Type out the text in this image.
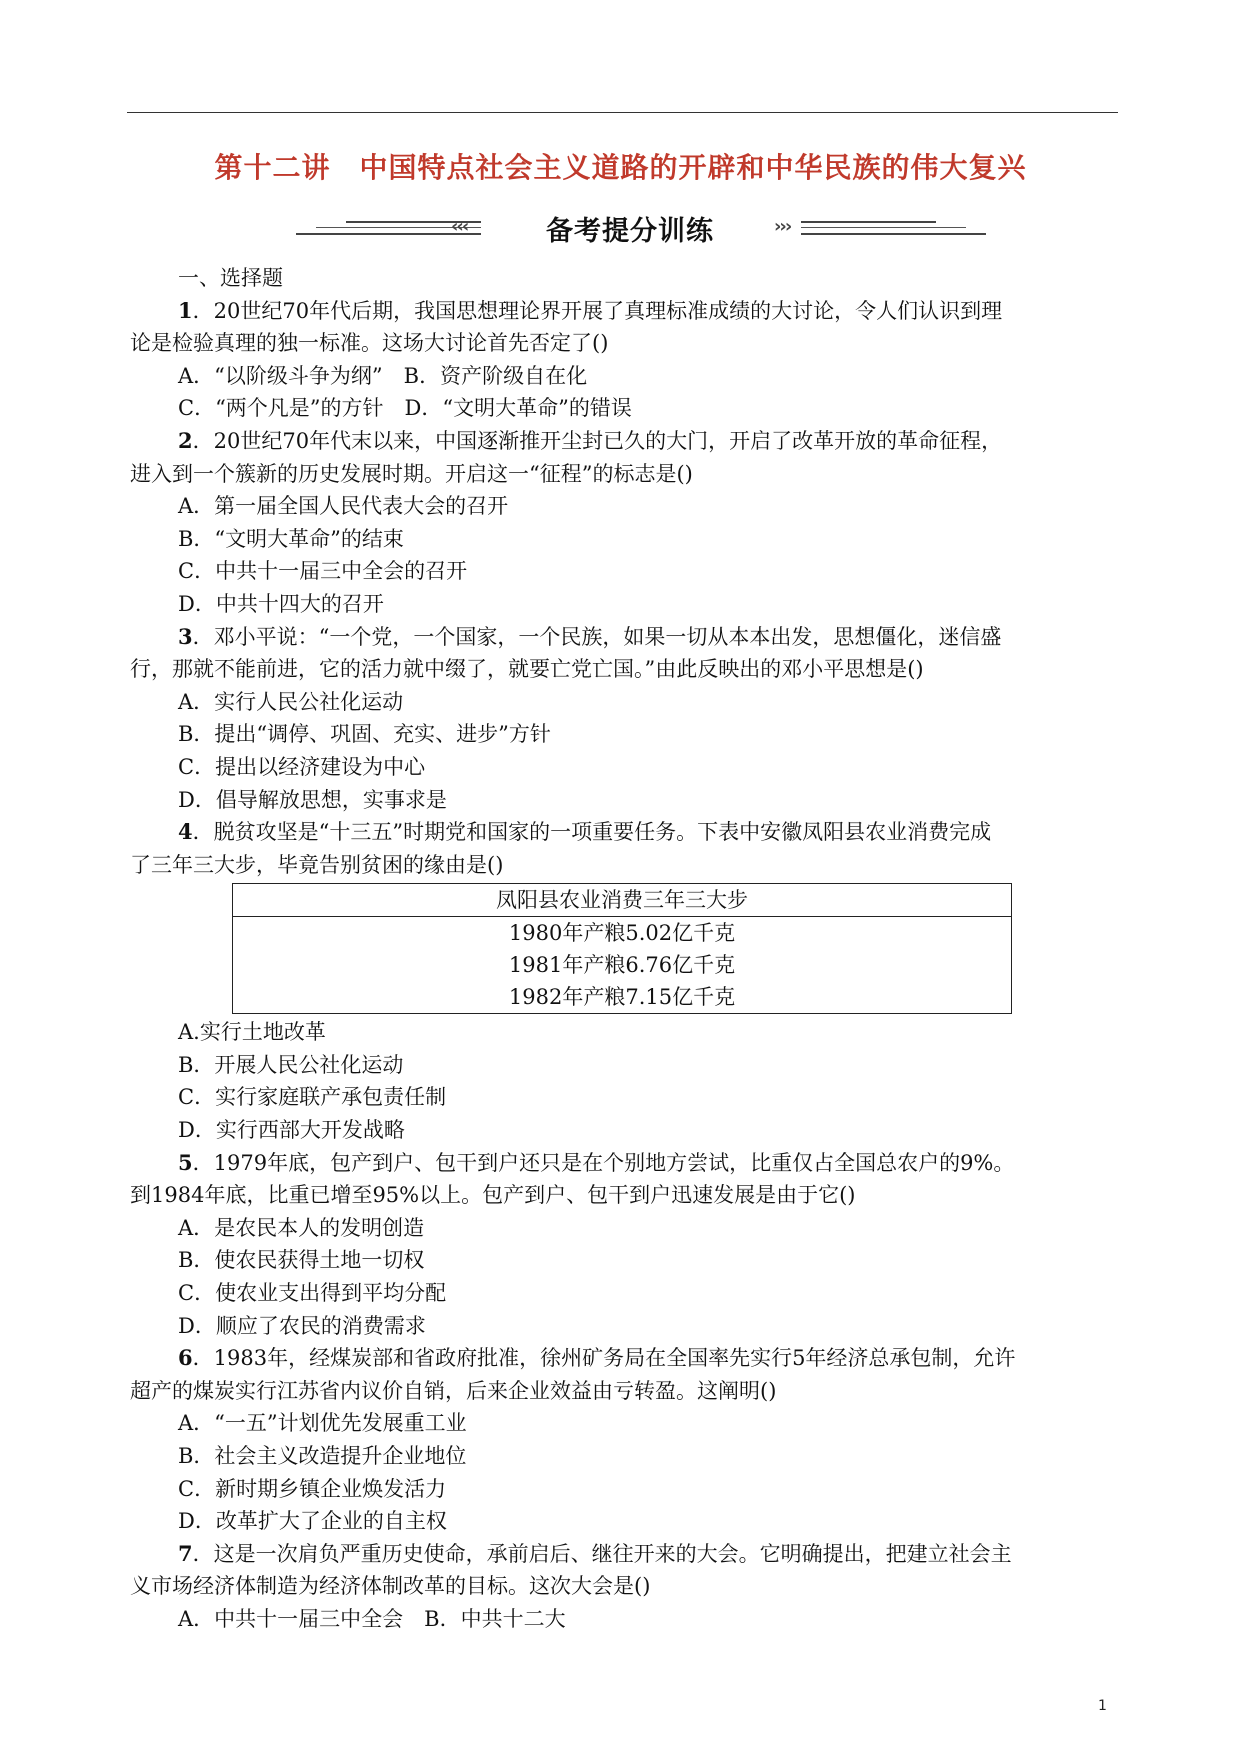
第十二讲　中国特点社会主义道路的开辟和中华民族的伟大复兴
‹‹‹	备考提分训练	›››
一、选择题
1．20世纪70年代后期，我国思想理论界开展了真理标准成绩的大讨论，令人们认识到理
论是检验真理的独一标准。这场大讨论首先否定了()
A．“以阶级斗争为纲”　B．资产阶级自在化
C．“两个凡是”的方针　D．“文明大革命”的错误
2．20世纪70年代末以来，中国逐渐推开尘封已久的大门，开启了改革开放的革命征程，
进入到一个簇新的历史发展时期。开启这一“征程”的标志是()
A．第一届全国人民代表大会的召开
B．“文明大革命”的结束
C．中共十一届三中全会的召开
D．中共十四大的召开
3．邓小平说：“一个党，一个国家，一个民族，如果一切从本本出发，思想僵化，迷信盛
行，那就不能前进，它的活力就中缀了，就要亡党亡国。”由此反映出的邓小平思想是()
A．实行人民公社化运动
B．提出“调停、巩固、充实、进步”方针
C．提出以经济建设为中心
D．倡导解放思想，实事求是
4．脱贫攻坚是“十三五”时期党和国家的一项重要任务。下表中安徽凤阳县农业消费完成
了三年三大步，毕竟告别贫困的缘由是()
凤阳县农业消费三年三大步
1980年产粮5.02亿千克
1981年产粮6.76亿千克
1982年产粮7.15亿千克
A.实行土地改革
B．开展人民公社化运动
C．实行家庭联产承包责任制
D．实行西部大开发战略
5．1979年底，包产到户、包干到户还只是在个别地方尝试，比重仅占全国总农户的9%。
到1984年底，比重已增至95%以上。包产到户、包干到户迅速发展是由于它()
A．是农民本人的发明创造
B．使农民获得土地一切权
C．使农业支出得到平均分配
D．顺应了农民的消费需求
6．1983年，经煤炭部和省政府批准，徐州矿务局在全国率先实行5年经济总承包制，允许
超产的煤炭实行江苏省内议价自销，后来企业效益由亏转盈。这阐明()
A．“一五”计划优先发展重工业
B．社会主义改造提升企业地位
C．新时期乡镇企业焕发活力
D．改革扩大了企业的自主权
7．这是一次肩负严重历史使命，承前启后、继往开来的大会。它明确提出，把建立社会主
义市场经济体制造为经济体制改革的目标。这次大会是()
A．中共十一届三中全会　B．中共十二大
1
